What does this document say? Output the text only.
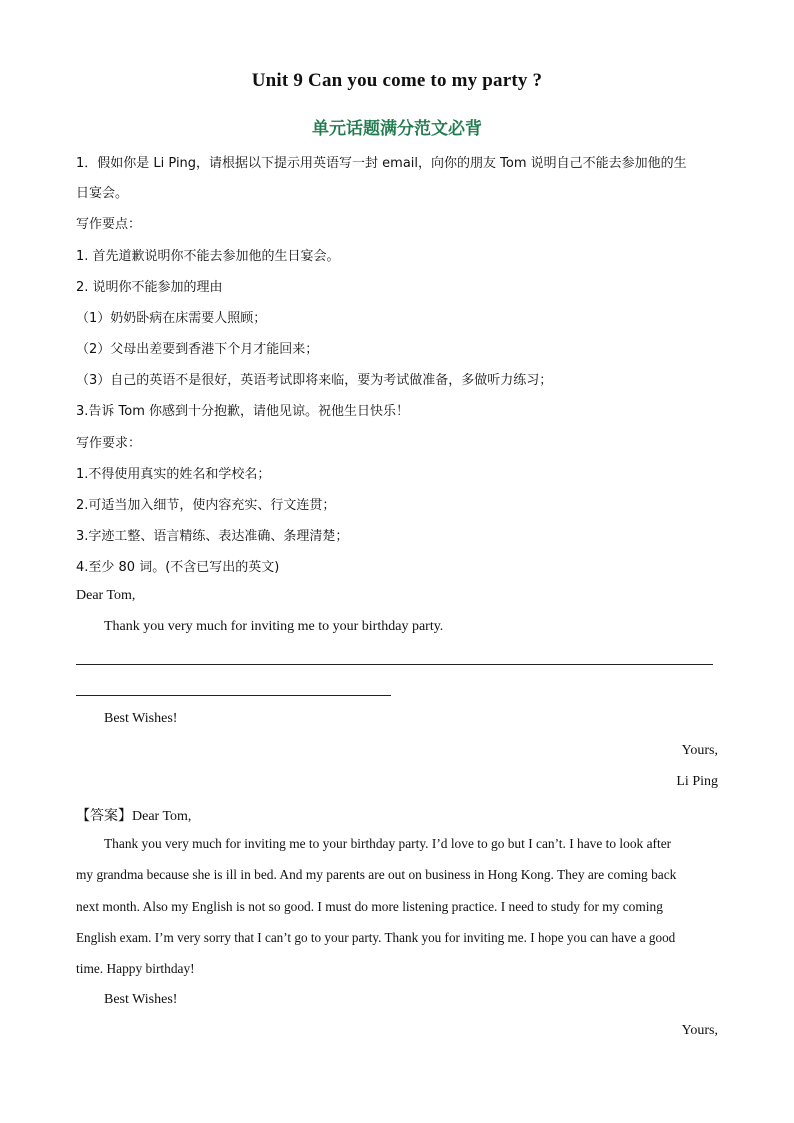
Unit 9 Can you come to my party ?
单元话题满分范文必背
1．假如你是 Li Ping，请根据以下提示用英语写一封 email，向你的朋友 Tom 说明自己不能去参加他的生
日宴会。
写作要点：
1. 首先道歉说明你不能去参加他的生日宴会。
2. 说明你不能参加的理由
（1）奶奶卧病在床需要人照顾；
（2）父母出差要到香港下个月才能回来；
（3）自己的英语不是很好，英语考试即将来临，要为考试做准备，多做听力练习；
3.告诉 Tom 你感到十分抱歉，请他见谅。祝他生日快乐！
写作要求：
1.不得使用真实的姓名和学校名；
2.可适当加入细节，使内容充实、行文连贯；
3.字迹工整、语言精练、表达准确、条理清楚；
4.至少 80 词。(不含已写出的英文)
Dear Tom,
Thank you very much for inviting me to your birthday party.
Best Wishes!
Yours,
Li Ping
【答案】Dear Tom,
Thank you very much for inviting me to your birthday party. I’d love to go but I can’t. I have to look after
my grandma because she is ill in bed. And my parents are out on business in Hong Kong. They are coming back
next month. Also my English is not so good. I must do more listening practice. I need to study for my coming
English exam. I’m very sorry that I can’t go to your party. Thank you for inviting me. I hope you can have a good
time. Happy birthday!
Best Wishes!
Yours,
